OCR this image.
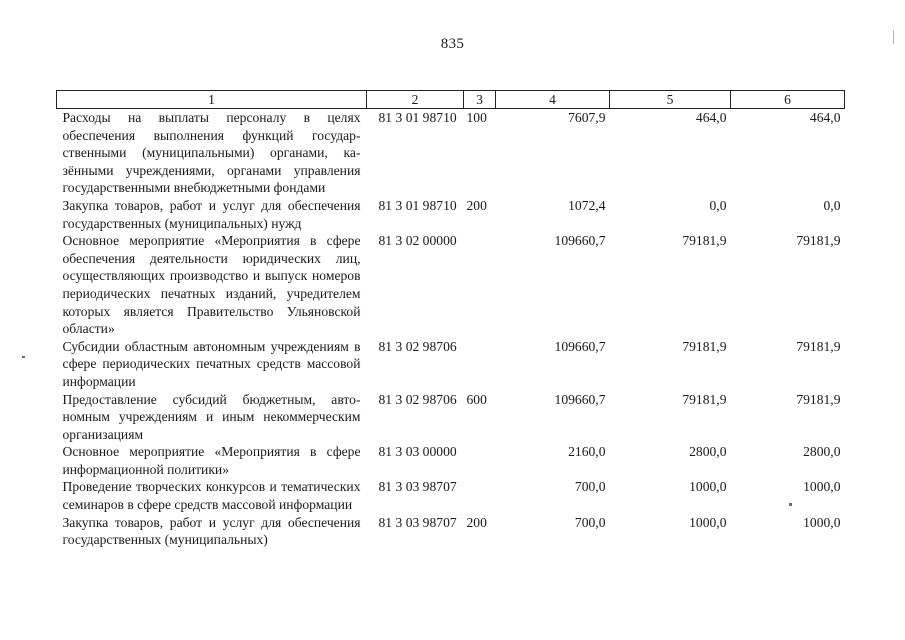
835
1	2	3	4	5	6
Расходы на выплаты персоналу в целях обеспечения выполнения функций государственными (муниципальными) органами, казёнными учреждениями, органами управления государственными внебюджетными фондами	81 3 01 98710	100	7607,9	464,0	464,0
Закупка товаров, работ и услуг для обеспечения государственных (муниципальных) нужд	81 3 01 98710	200	1072,4	0,0	0,0
Основное мероприятие «Мероприятия в сфере обеспечения деятельности юридических лиц, осуществляющих производство и выпуск номеров периодических печатных изданий, учредителем которых является Правительство Ульяновской области»	81 3 02 00000		109660,7	79181,9	79181,9
Субсидии областным автономным учреждениям в сфере периодических печатных средств массовой информации	81 3 02 98706		109660,7	79181,9	79181,9
Предоставление субсидий бюджетным, автономным учреждениям и иным некоммерческим организациям	81 3 02 98706	600	109660,7	79181,9	79181,9
Основное мероприятие «Мероприятия в сфере информационной политики»	81 3 03 00000		2160,0	2800,0	2800,0
Проведение творческих конкурсов и тематических семинаров в сфере средств массовой информации	81 3 03 98707		700,0	1000,0	1000,0
Закупка товаров, работ и услуг для обеспечения государственных (муниципальных)	81 3 03 98707	200	700,0	1000,0	1000,0
